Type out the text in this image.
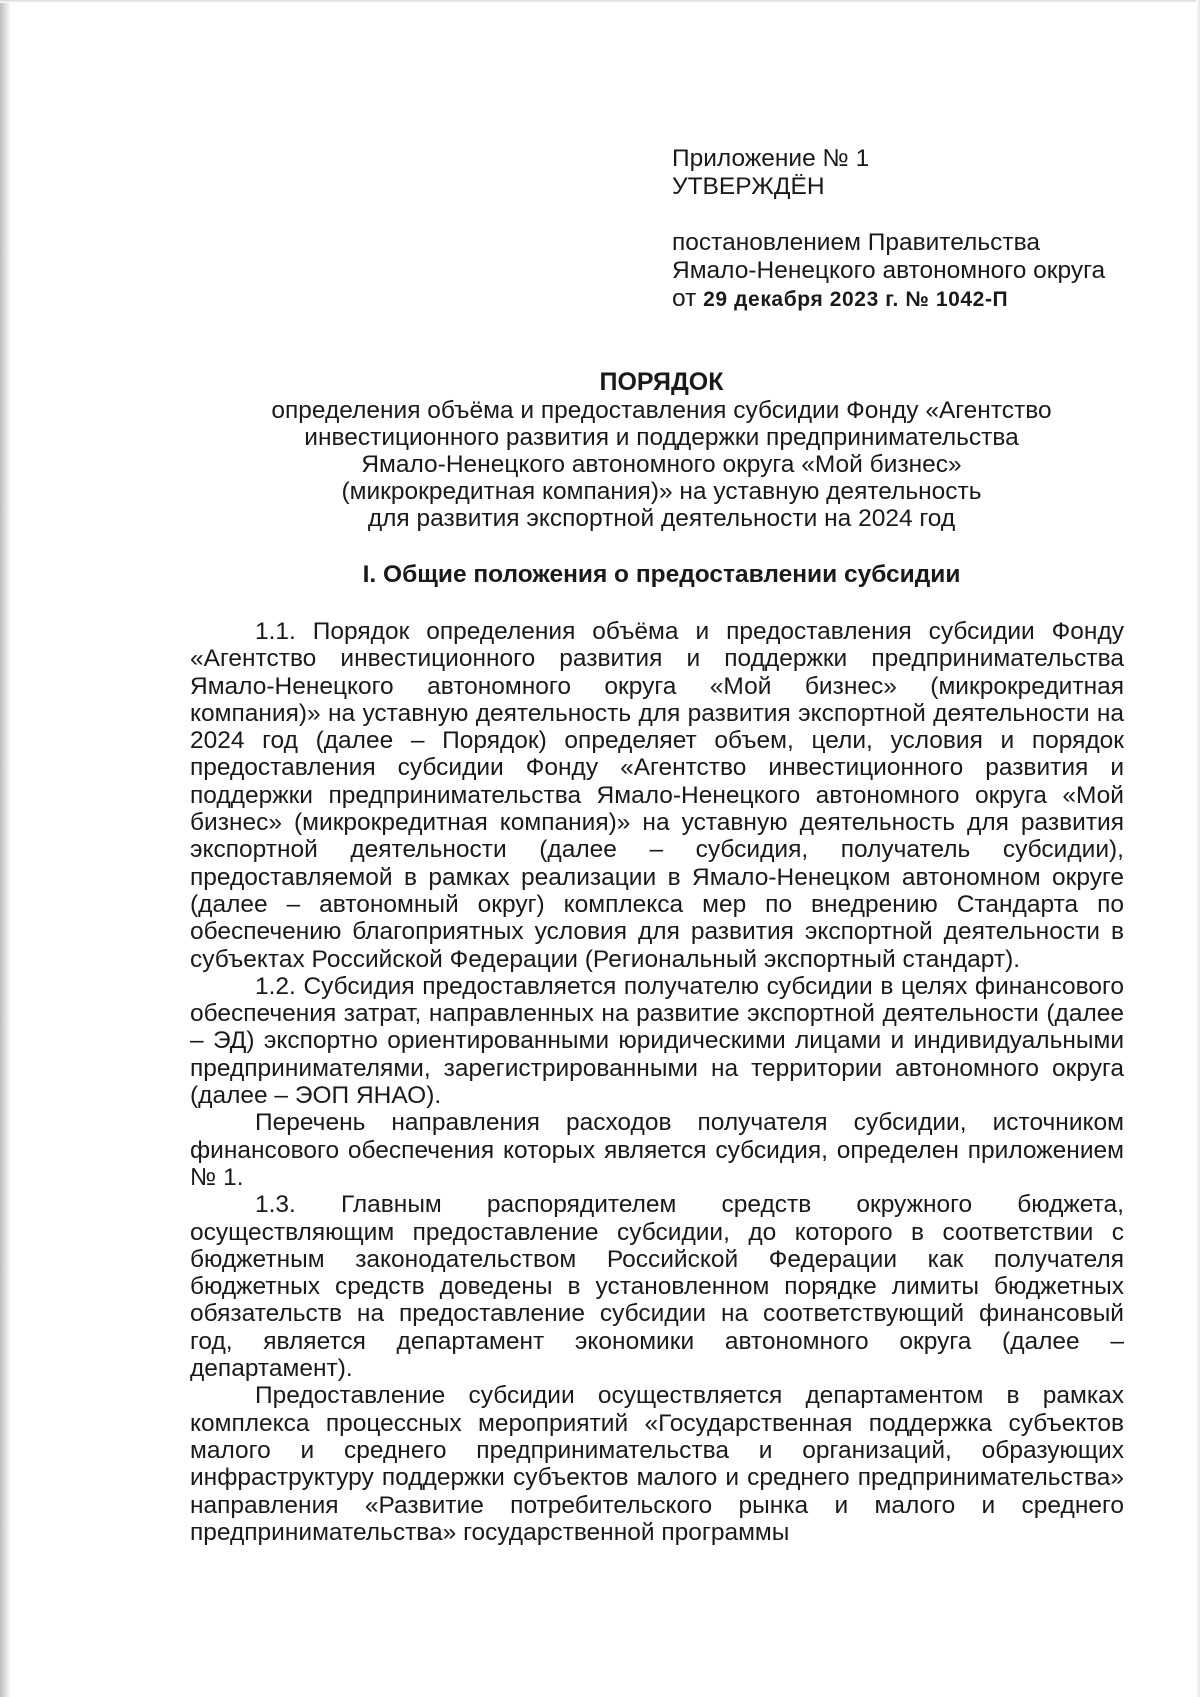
Приложение № 1
УТВЕРЖДЁН
постановлением Правительства
Ямало-Ненецкого автономного округа
от 29 декабря 2023 г. № 1042-П
ПОРЯДОК
определения объёма и предоставления субсидии Фонду «Агентство
инвестиционного развития и поддержки предпринимательства
Ямало-Ненецкого автономного округа «Мой бизнес»
(микрокредитная компания)» на уставную деятельность
для развития экспортной деятельности на 2024 год
I. Общие положения о предоставлении субсидии

1.1. Порядок определения объёма и предоставления субсидии Фонду «Агентство инвестиционного развития и поддержки предпринимательства Ямало-Ненецкого автономного округа «Мой бизнес» (микрокредитная компания)» на уставную деятельность для развития экспортной деятельности на 2024 год (далее – Порядок) определяет объем, цели, условия и порядок предоставления субсидии Фонду «Агентство инвестиционного развития и поддержки предпринимательства Ямало-Ненецкого автономного округа «Мой бизнес» (микрокредитная компания)» на уставную деятельность для развития экспортной деятельности (далее – субсидия, получатель субсидии), предоставляемой в рамках реализации в Ямало-Ненецком автономном округе (далее – автономный округ) комплекса мер по внедрению Стандарта по обеспечению благоприятных условия для развития экспортной деятельности в субъектах Российской Федерации (Региональный экспортный стандарт).

1.2. Субсидия предоставляется получателю субсидии в целях финансового обеспечения затрат, направленных на развитие экспортной деятельности (далее – ЭД) экспортно ориентированными юридическими лицами и индивидуальными предпринимателями, зарегистрированными на территории автономного округа (далее – ЭОП ЯНАО).

Перечень направления расходов получателя субсидии, источником финансового обеспечения которых является субсидия, определен приложением № 1.

1.3. Главным распорядителем средств окружного бюджета, осуществляющим предоставление субсидии, до которого в соответствии с бюджетным законодательством Российской Федерации как получателя бюджетных средств доведены в установленном порядке лимиты бюджетных обязательств на предоставление субсидии на соответствующий финансовый год, является департамент экономики автономного округа (далее – департамент).

Предоставление субсидии осуществляется департаментом в рамках комплекса процессных мероприятий «Государственная поддержка субъектов малого и среднего предпринимательства и организаций, образующих инфраструктуру поддержки субъектов малого и среднего предпринимательства» направления «Развитие потребительского рынка и малого и среднего предпринимательства» государственной программы
